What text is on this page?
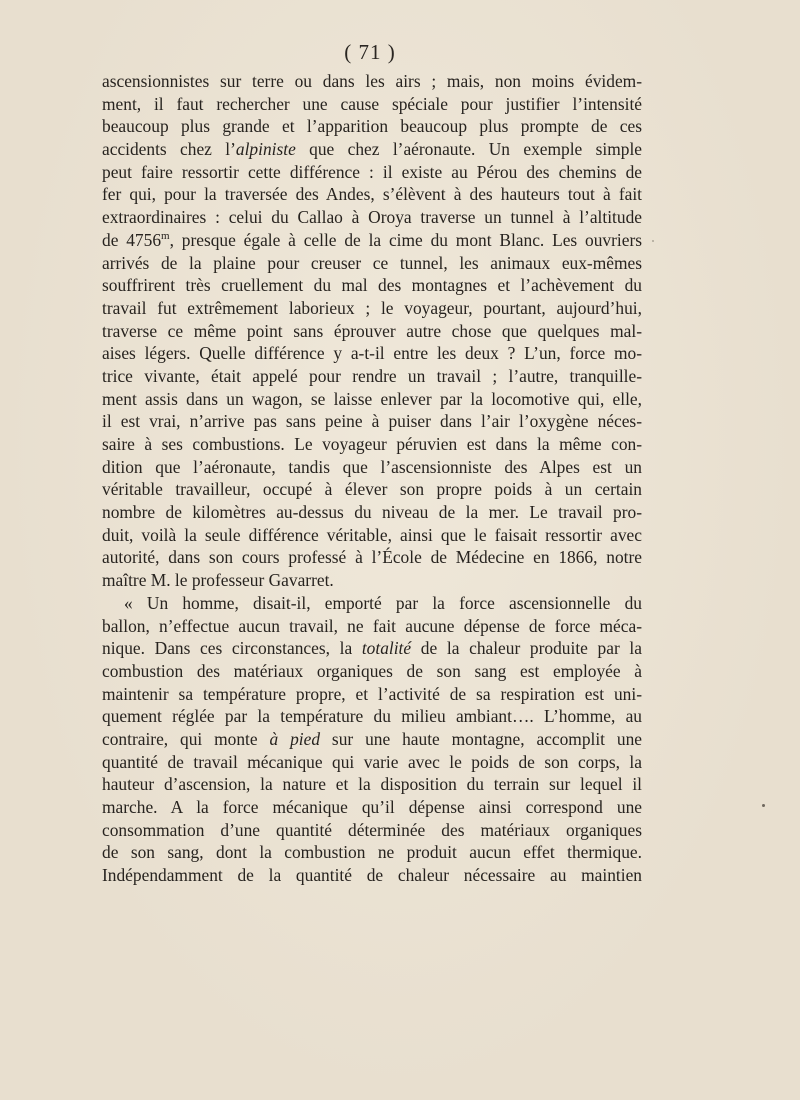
( 71 )
ascensionnistes sur terre ou dans les airs ; mais, non moins évidem-
ment, il faut rechercher une cause spéciale pour justifier l’intensité
beaucoup plus grande et l’apparition beaucoup plus prompte de ces
accidents chez l’alpiniste que chez l’aéronaute. Un exemple simple
peut faire ressortir cette différence : il existe au Pérou des chemins de
fer qui, pour la traversée des Andes, s’élèvent à des hauteurs tout à fait
extraordinaires : celui du Callao à Oroya traverse un tunnel à l’altitude
de 4756$^m$, presque égale à celle de la cime du mont Blanc. Les ouvriers
arrivés de la plaine pour creuser ce tunnel, les animaux eux-mêmes
souffrirent très cruellement du mal des montagnes et l’achèvement du
travail fut extrêmement laborieux ; le voyageur, pourtant, aujourd’hui,
traverse ce même point sans éprouver autre chose que quelques mal-
aises légers. Quelle différence y a-t-il entre les deux ? L’un, force mo-
trice vivante, était appelé pour rendre un travail ; l’autre, tranquille-
ment assis dans un wagon, se laisse enlever par la locomotive qui, elle,
il est vrai, n’arrive pas sans peine à puiser dans l’air l’oxygène néces-
saire à ses combustions. Le voyageur péruvien est dans la même con-
dition que l’aéronaute, tandis que l’ascensionniste des Alpes est un
véritable travailleur, occupé à élever son propre poids à un certain
nombre de kilomètres au-dessus du niveau de la mer. Le travail pro-
duit, voilà la seule différence véritable, ainsi que le faisait ressortir avec
autorité, dans son cours professé à l’École de Médecine en 1866, notre
maître M. le professeur Gavarret.
« Un homme, disait-il, emporté par la force ascensionnelle du
ballon, n’effectue aucun travail, ne fait aucune dépense de force méca-
nique. Dans ces circonstances, la totalité de la chaleur produite par la
combustion des matériaux organiques de son sang est employée à
maintenir sa température propre, et l’activité de sa respiration est uni-
quement réglée par la température du milieu ambiant…. L’homme, au
contraire, qui monte à pied sur une haute montagne, accomplit une
quantité de travail mécanique qui varie avec le poids de son corps, la
hauteur d’ascension, la nature et la disposition du terrain sur lequel il
marche. A la force mécanique qu’il dépense ainsi correspond une
consommation d’une quantité déterminée des matériaux organiques
de son sang, dont la combustion ne produit aucun effet thermique.
Indépendamment de la quantité de chaleur nécessaire au maintien
